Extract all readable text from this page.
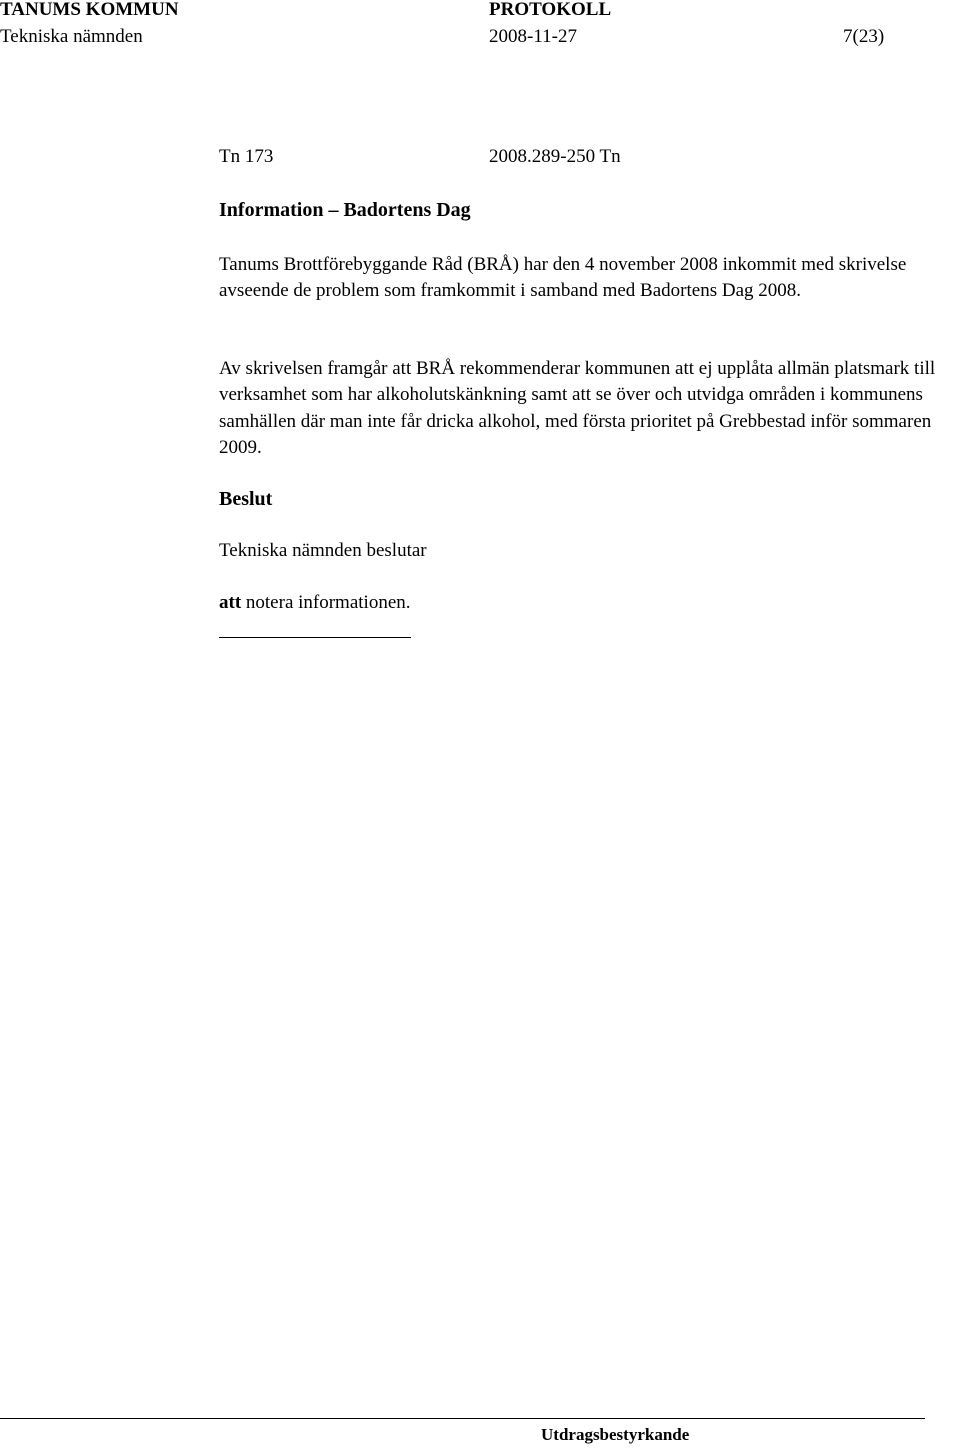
TANUMS KOMMUN	PROTOKOLL
Tekniska nämnden	2008-11-27	7(23)
Tn 173	2008.289-250 Tn
Information – Badortens Dag
Tanums Brottförebyggande Råd (BRÅ) har den 4 november 2008 inkommit med skrivelse avseende de problem som framkommit i samband med Badortens Dag 2008.
Av skrivelsen framgår att BRÅ rekommenderar kommunen att ej upplåta allmän platsmark till verksamhet som har alkoholutskänkning samt att se över och utvidga områden i kommunens samhällen där man inte får dricka alkohol, med första prioritet på Grebbestad inför sommaren 2009.
Beslut
Tekniska nämnden beslutar
att notera informationen.
Utdragsbestyrkande
